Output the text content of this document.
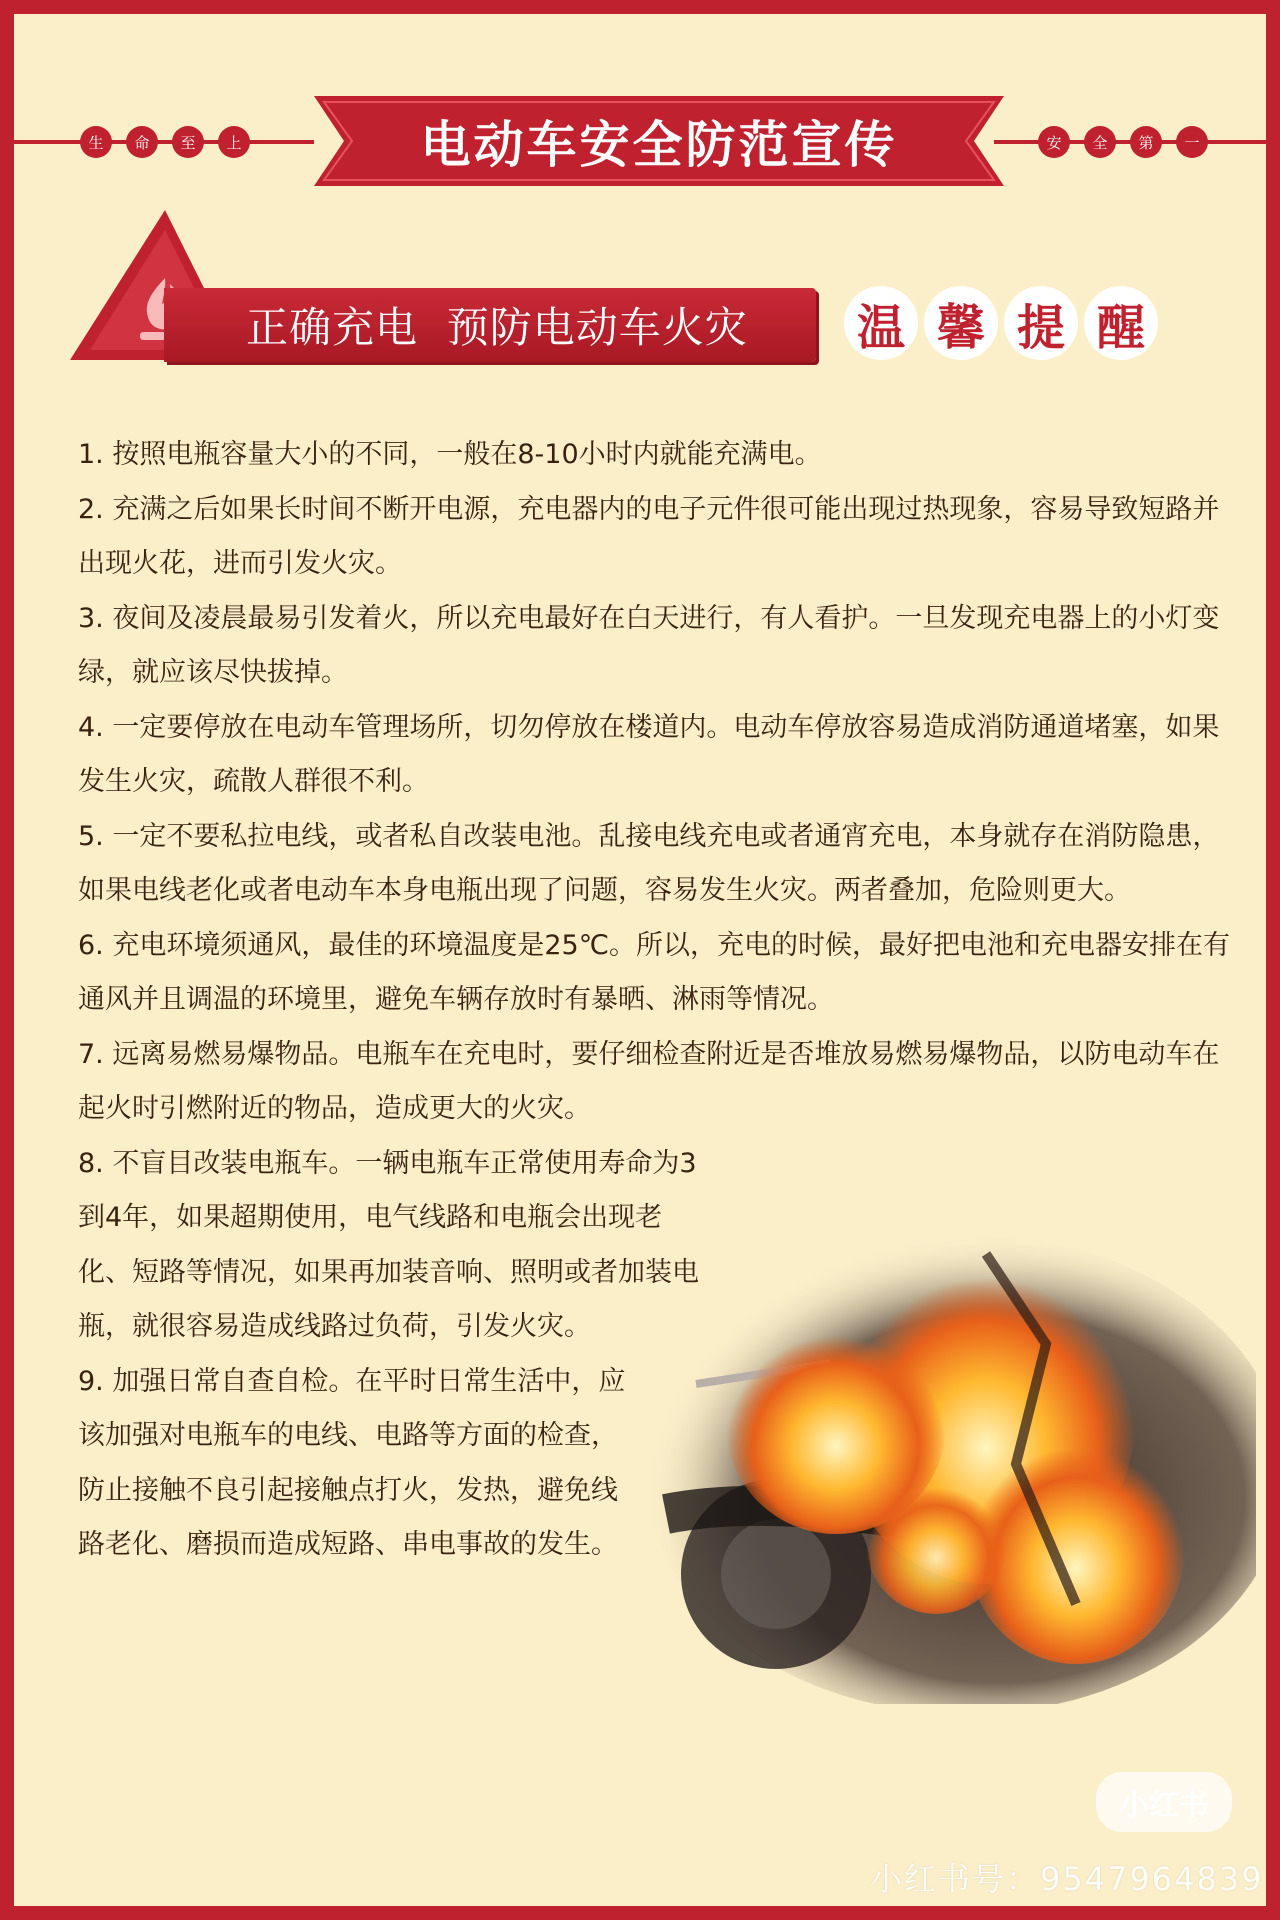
生	命	至	上	安	全	第	一
电动车安全防范宣传
正确充电  预防电动车火灾	温 馨 提 醒

1. 按照电瓶容量大小的不同，一般在8-10小时内就能充满电。

2. 充满之后如果长时间不断开电源，充电器内的电子元件很可能出现过热现象，容易导致短路并出现火花，进而引发火灾。

3. 夜间及凌晨最易引发着火，所以充电最好在白天进行，有人看护。一旦发现充电器上的小灯变绿，就应该尽快拔掉。

4. 一定要停放在电动车管理场所，切勿停放在楼道内。电动车停放容易造成消防通道堵塞，如果发生火灾，疏散人群很不利。

5. 一定不要私拉电线，或者私自改装电池。乱接电线充电或者通宵充电，本身就存在消防隐患，如果电线老化或者电动车本身电瓶出现了问题，容易发生火灾。两者叠加，危险则更大。

6. 充电环境须通风，最佳的环境温度是25℃。所以，充电的时候，最好把电池和充电器安排在有通风并且调温的环境里，避免车辆存放时有暴晒、淋雨等情况。

7. 远离易燃易爆物品。电瓶车在充电时，要仔细检查附近是否堆放易燃易爆物品，以防电动车在起火时引燃附近的物品，造成更大的火灾。

8. 不盲目改装电瓶车。一辆电瓶车正常使用寿命为3到4年，如果超期使用，电气线路和电瓶会出现老化、短路等情况，如果再加装音响、照明或者加装电瓶，就很容易造成线路过负荷，引发火灾。

9. 加强日常自查自检。在平时日常生活中，应该加强对电瓶车的电线、电路等方面的检查，防止接触不良引起接触点打火，发热，避免线路老化、磨损而造成短路、串电事故的发生。

小红书
小红书号：9547964839
